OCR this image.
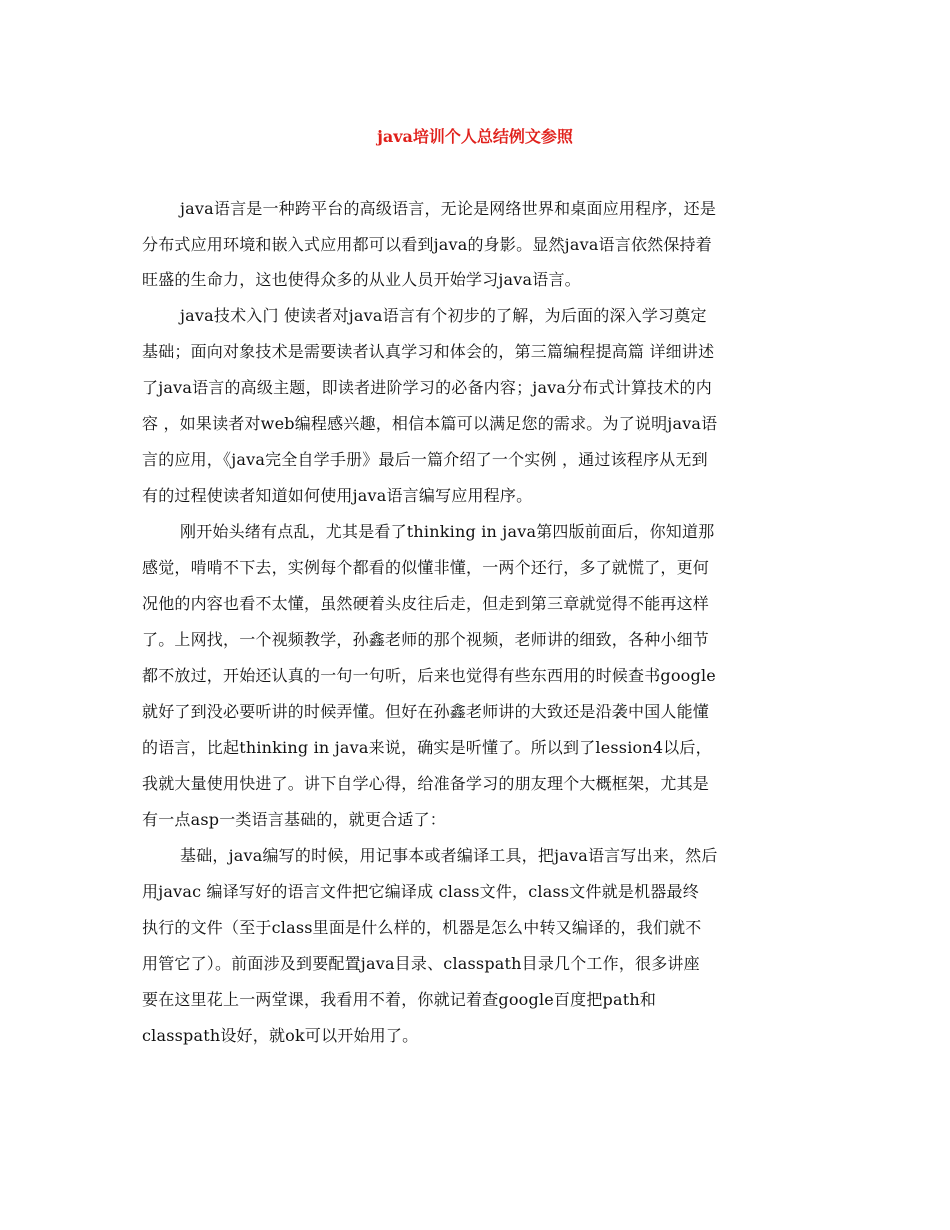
java培训个人总结例文参照
java语言是一种跨平台的高级语言，无论是网络世界和桌面应用程序，还是
分布式应用环境和嵌入式应用都可以看到java的身影。显然java语言依然保持着
旺盛的生命力，这也使得众多的从业人员开始学习java语言。
java技术入门 使读者对java语言有个初步的了解，为后面的深入学习奠定
基础；面向对象技术是需要读者认真学习和体会的，第三篇编程提高篇 详细讲述
了java语言的高级主题，即读者进阶学习的必备内容；java分布式计算技术的内
容 ，如果读者对web编程感兴趣，相信本篇可以满足您的需求。为了说明java语
言的应用，《java完全自学手册》最后一篇介绍了一个实例 ，通过该程序从无到
有的过程使读者知道如何使用java语言编写应用程序。
刚开始头绪有点乱，尤其是看了thinking in java第四版前面后，你知道那
感觉，啃啃不下去，实例每个都看的似懂非懂，一两个还行，多了就慌了，更何
况他的内容也看不太懂，虽然硬着头皮往后走，但走到第三章就觉得不能再这样
了。上网找，一个视频教学，孙鑫老师的那个视频，老师讲的细致，各种小细节
都不放过，开始还认真的一句一句听，后来也觉得有些东西用的时候查书google
就好了到没必要听讲的时候弄懂。但好在孙鑫老师讲的大致还是沿袭中国人能懂
的语言，比起thinking in java来说，确实是听懂了。所以到了lession4以后，
我就大量使用快进了。讲下自学心得，给准备学习的朋友理个大概框架，尤其是
有一点asp一类语言基础的，就更合适了：
基础，java编写的时候，用记事本或者编译工具，把java语言写出来，然后
用javac 编译写好的语言文件把它编译成 class文件，class文件就是机器最终
执行的文件（至于class里面是什么样的，机器是怎么中转又编译的，我们就不
用管它了）。前面涉及到要配置java目录、classpath目录几个工作，很多讲座
要在这里花上一两堂课，我看用不着，你就记着查google百度把path和
classpath设好，就ok可以开始用了。
